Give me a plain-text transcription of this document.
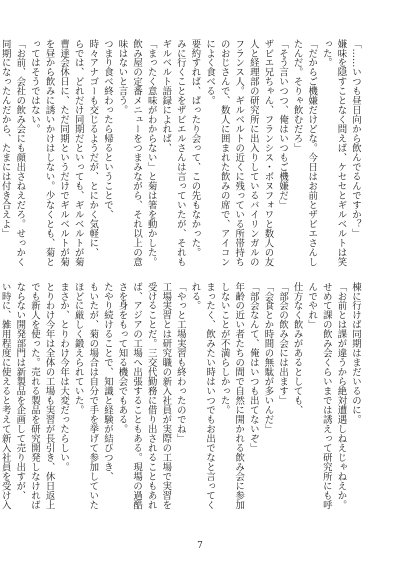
「……いつも昼日向から飲んでるんですか？」

嫌味を隠すことなく問えば、ケセセとギルベルトは笑った。

「だからご機嫌だけどな。今日はお前とザビエさんしたんだ。そりゃ飲むだろ」

「そう言いつつ、俺はいつもご機嫌だ」

ザビエ兄ちゃん、フランシス・ボヌフォワと数人の友人と経理部の研究所に出入りしているバイリンガルのフランス人。ギルベルトの近くに残っている所帯持ちのおじさんで、数人に囲まれた飲みの席で、アイコンによく食べる。

要約すれば、ぱったり会って、この先もなかった。

みに行くことをザビエルさんは言っていたが、それもギルベルト語録によれば、

「まったく意味がわからない」と菊は箸を動かした。

飲み屋の定番メニューをつまみながら、それ以上の意味はないと言う。

つまり食べ終わったら帰るということで、

時々アナゴーも交じるようだが、とにかく気軽に、

らでは、どれだけ同期だといっても、ギルベルトが菊

曹達会休日に、ただ同期というだけでギルベルトが菊を昼から飲みに誘いかけはしない。少なくとも、菊とってはそうではない。

「お前、会社の飲み会にも顔出さねえだろ。せっかく同期になったんだから、たまには付き合えよ」

棟に行けば同期はまだいるのに。

「お前とは課が違うから絶対遭遇しねえじゃねえか。せめて課の飲み会くらいまでは誘えって研究所にも呼んでやれ」

仕方なく飲みがあるとしても、

「部会の飲み会には出ます」

「会食とか時間の無駄が多いんだ」

「部会なんて、俺はいつも出てないぞ」

年齢の近い者たちの間で自然に開かれる飲み会に参加しないことが不満らしかった。

まったく、飲みたい時はいつでもお出でなと言ってくれる。

「やっと工場実習も終わったのでね」

工場実習とは研究職の新入社員が実際の工場で実習を受けることだ。三交代勤務に借り出されることもあれば、アジアの工場へ出張することもある。現場の過酷さを身をもって知る機会でもある。

たやり続けることで、知識と経験が結びつき、

もいたが、菊の場合は自分で手を挙げて参加していたほどに厳しく鍛えられていた。

まさか、とりわけ今年は大変だったらしい。

とりわけ今年は全体の工場も実習が長引き、休日返上でも新人を使った。売れる製品を研究開発しなければならない開発部門は新製品を企画して売り出すが、

い時に、雑用程度に使えると考えて新入社員を受け入

7
